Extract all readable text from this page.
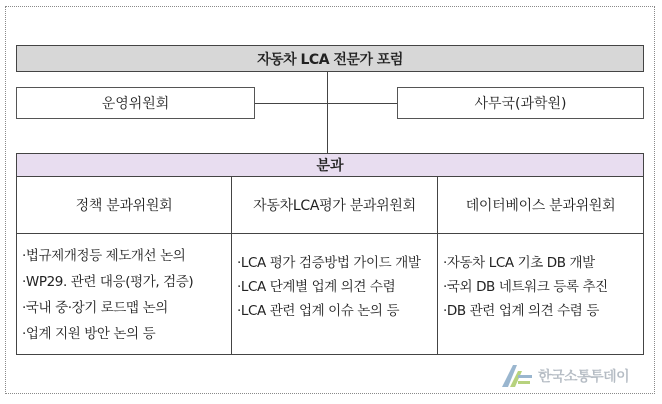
자동차 LCA 전문가 포럼
운영위원회	사무국(과학원)
분과
정책 분과위원회
·법규제개정등 제도개선 논의
·WP29. 관련 대응(평가, 검증)
·국내 중·장기 로드맵 논의
·업계 지원 방안 논의 등
자동차LCA평가 분과위원회
·LCA 평가 검증방법 가이드 개발
·LCA 단계별 업계 의견 수렴
·LCA 관련 업계 이슈 논의 등
데이터베이스 분과위원회
·자동차 LCA 기초 DB 개발
·국외 DB 네트워크 등록 추진
·DB 관련 업계 의견 수렴 등
한국소통투데이
